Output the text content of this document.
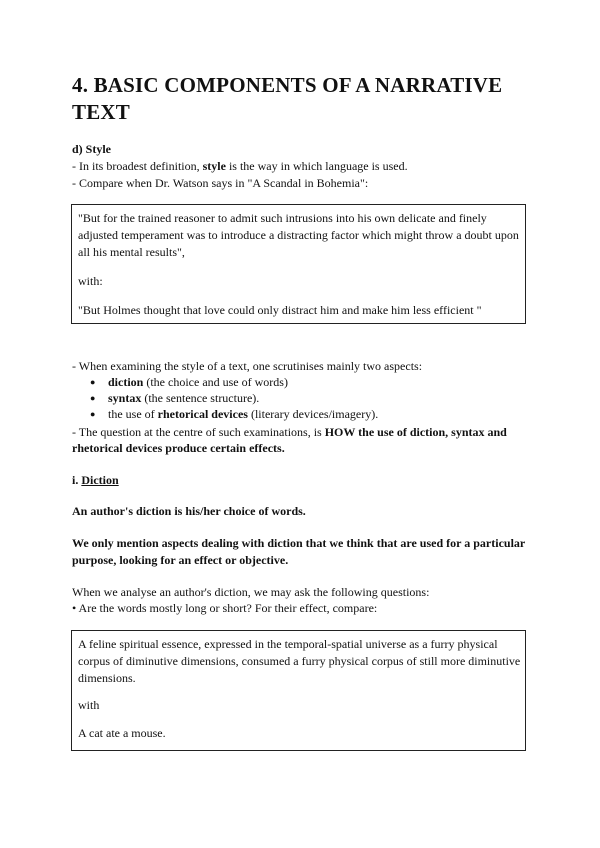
4. BASIC COMPONENTS OF A NARRATIVE TEXT

d) Style

- In its broadest definition, style is the way in which language is used.

- Compare when Dr. Watson says in "A Scandal in Bohemia":

"But for the trained reasoner to admit such intrusions into his own delicate and finely adjusted temperament was to introduce a distracting factor which might throw a doubt upon all his mental results",

with:

"But Holmes thought that love could only distract him and make him less efficient "

- When examining the style of a text, one scrutinises mainly two aspects:

● diction (the choice and use of words)
● syntax (the sentence structure).
● the use of rhetorical devices (literary devices/imagery).

- The question at the centre of such examinations, is HOW the use of diction, syntax and

rhetorical devices produce certain effects.

i. Diction

An author's diction is his/her choice of words.

We only mention aspects dealing with diction that we think that are used for a particular purpose, looking for an effect or objective.

When we analyse an author's diction, we may ask the following questions:

• Are the words mostly long or short? For their effect, compare:

A feline spiritual essence, expressed in the temporal-spatial universe as a furry physical corpus of diminutive dimensions, consumed a furry physical corpus of still more diminutive dimensions.

with

A cat ate a mouse.
